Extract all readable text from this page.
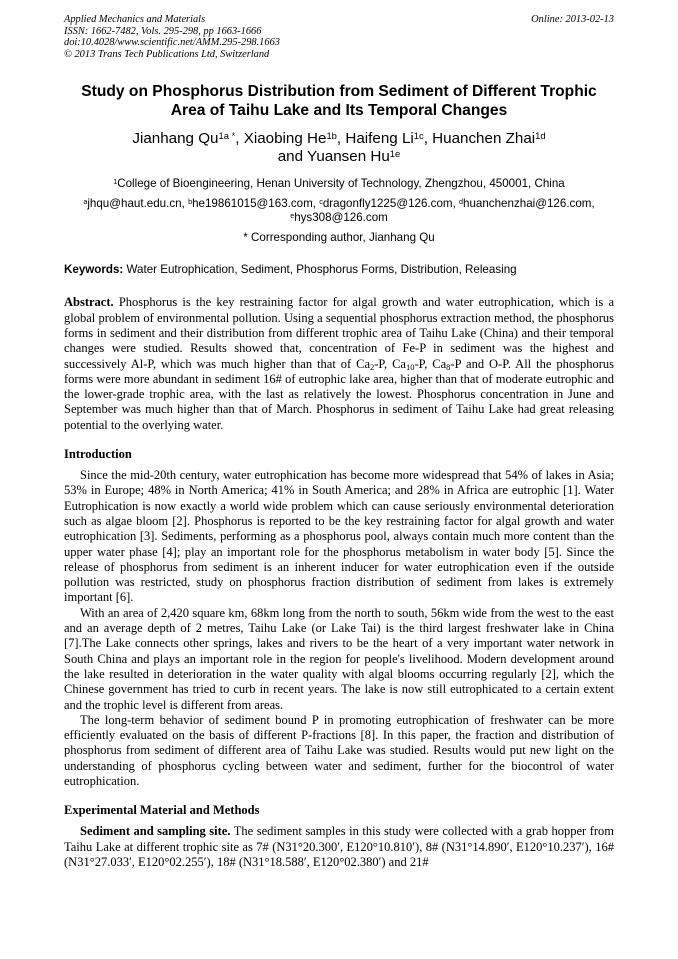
Applied Mechanics and Materials
ISSN: 1662-7482, Vols. 295-298, pp 1663-1666
doi:10.4028/www.scientific.net/AMM.295-298.1663
© 2013 Trans Tech Publications Ltd, Switzerland
Online: 2013-02-13
Study on Phosphorus Distribution from Sediment of Different Trophic
Area of Taihu Lake and Its Temporal Changes
Jianhang $Qu^{1a *}$, Xiaobing $He^{1b}$, Haifeng $Li^{1c}$, Huanchen Zhai$^{1d}$
and Yuansen $Hu^{1e}$
$^1$College of Bioengineering, Henan University of Technology, Zhengzhou, 450001, China
$^a$jhqu@haut.edu.cn, $^b$he19861015@163.com, $^c$dragonfly1225@126.com, $^d$huanchenzhai@126.com,
$^e$hys308@126.com
* Corresponding author, Jianhang Qu
Keywords: Water Eutrophication, Sediment, Phosphorus Forms, Distribution, Releasing
Abstract. Phosphorus is the key restraining factor for algal growth and water eutrophication, which is a global problem of environmental pollution. Using a sequential phosphorus extraction method, the phosphorus forms in sediment and their distribution from different trophic area of Taihu Lake (China) and their temporal changes were studied. Results showed that, concentration of Fe-P in sediment was the highest and successively Al-P, which was much higher than that of $Ca_2-P$, $Ca_{10}-P$, $Ca_8-P$ and O-P. All the phosphorus forms were more abundant in sediment 16# of eutrophic lake area, higher than that of moderate eutrophic and the lower-grade trophic area, with the last as relatively the lowest. Phosphorus concentration in June and September was much higher than that of March. Phosphorus in sediment of Taihu Lake had great releasing potential to the overlying water.
Introduction

Since the mid-20th century, water eutrophication has become more widespread that 54% of lakes in Asia; 53% in Europe; 48% in North America; 41% in South America; and 28% in Africa are eutrophic [1]. Water Eutrophication is now exactly a world wide problem which can cause seriously environmental deterioration such as algae bloom [2]. Phosphorus is reported to be the key restraining factor for algal growth and water eutrophication [3]. Sediments, performing as a phosphorus pool, always contain much more content than the upper water phase [4]; play an important role for the phosphorus metabolism in water body [5]. Since the release of phosphorus from sediment is an inherent inducer for water eutrophication even if the outside pollution was restricted, study on phosphorus fraction distribution of sediment from lakes is extremely important [6].

With an area of 2,420 square km, 68km long from the north to south, 56km wide from the west to the east and an average depth of 2 metres, Taihu Lake (or Lake Tai) is the third largest freshwater lake in China [7].The Lake connects other springs, lakes and rivers to be the heart of a very important water network in South China and plays an important role in the region for people's livelihood. Modern development around the lake resulted in deterioration in the water quality with algal blooms occurring regularly [2], which the Chinese government has tried to curb in recent years. The lake is now still eutrophicated to a certain extent and the trophic level is different from areas.

The long-term behavior of sediment bound P in promoting eutrophication of freshwater can be more efficiently evaluated on the basis of different P-fractions [8]. In this paper, the fraction and distribution of phosphorus from sediment of different area of Taihu Lake was studied. Results would put new light on the understanding of phosphorus cycling between water and sediment, further for the biocontrol of water eutrophication.

Experimental Material and Methods

Sediment and sampling site. The sediment samples in this study were collected with a grab hopper from Taihu Lake at different trophic site as 7# (N31°20.300′, E120°10.810′), 8# (N31°14.890′, E120°10.237′), 16# (N31°27.033′, E120°02.255′), 18# (N31°18.588′, E120°02.380′) and 21#
